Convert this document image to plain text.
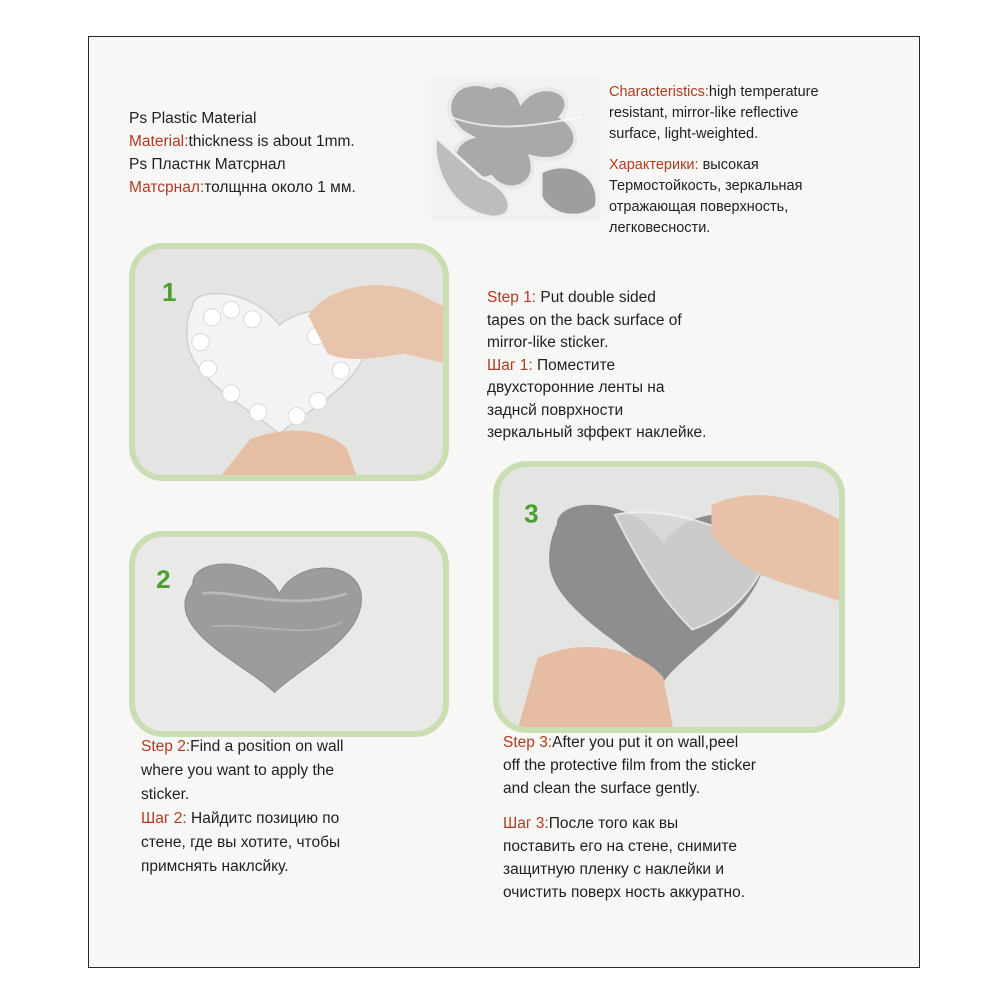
Ps Plastic Material
Material:thickness is about 1mm.
Ps Пластнк Матсрнал
Матсрнал:толщнна около 1 мм.
Characteristics:high temperature
resistant, mirror-like reflective
surface, light-weighted.
Характерики: высокая
Термостойкость, зеркальная
отражающая поверхность,
легковесности.
1	Step 1: Put double sided
tapes on the back surface of
mirror-like sticker.
Шаг 1: Поместите
двухсторонние ленты на
заднсй поврхности
зеркальный зффект наклейке.
2
3
Step 2:Find a position on wall
where you want to apply the
sticker.
Шаг 2: Найдитс позицию по
стене, где вы хотите, чтобы
примснять наклсйку.
Step 3:After you put it on wall,peel
off the protective film from the sticker
and clean the surface gently.
Шаг 3:После того как вы
поставить его на стене, снимите
защитную пленку с наклейки и
очистить поверх ность аккуратно.
